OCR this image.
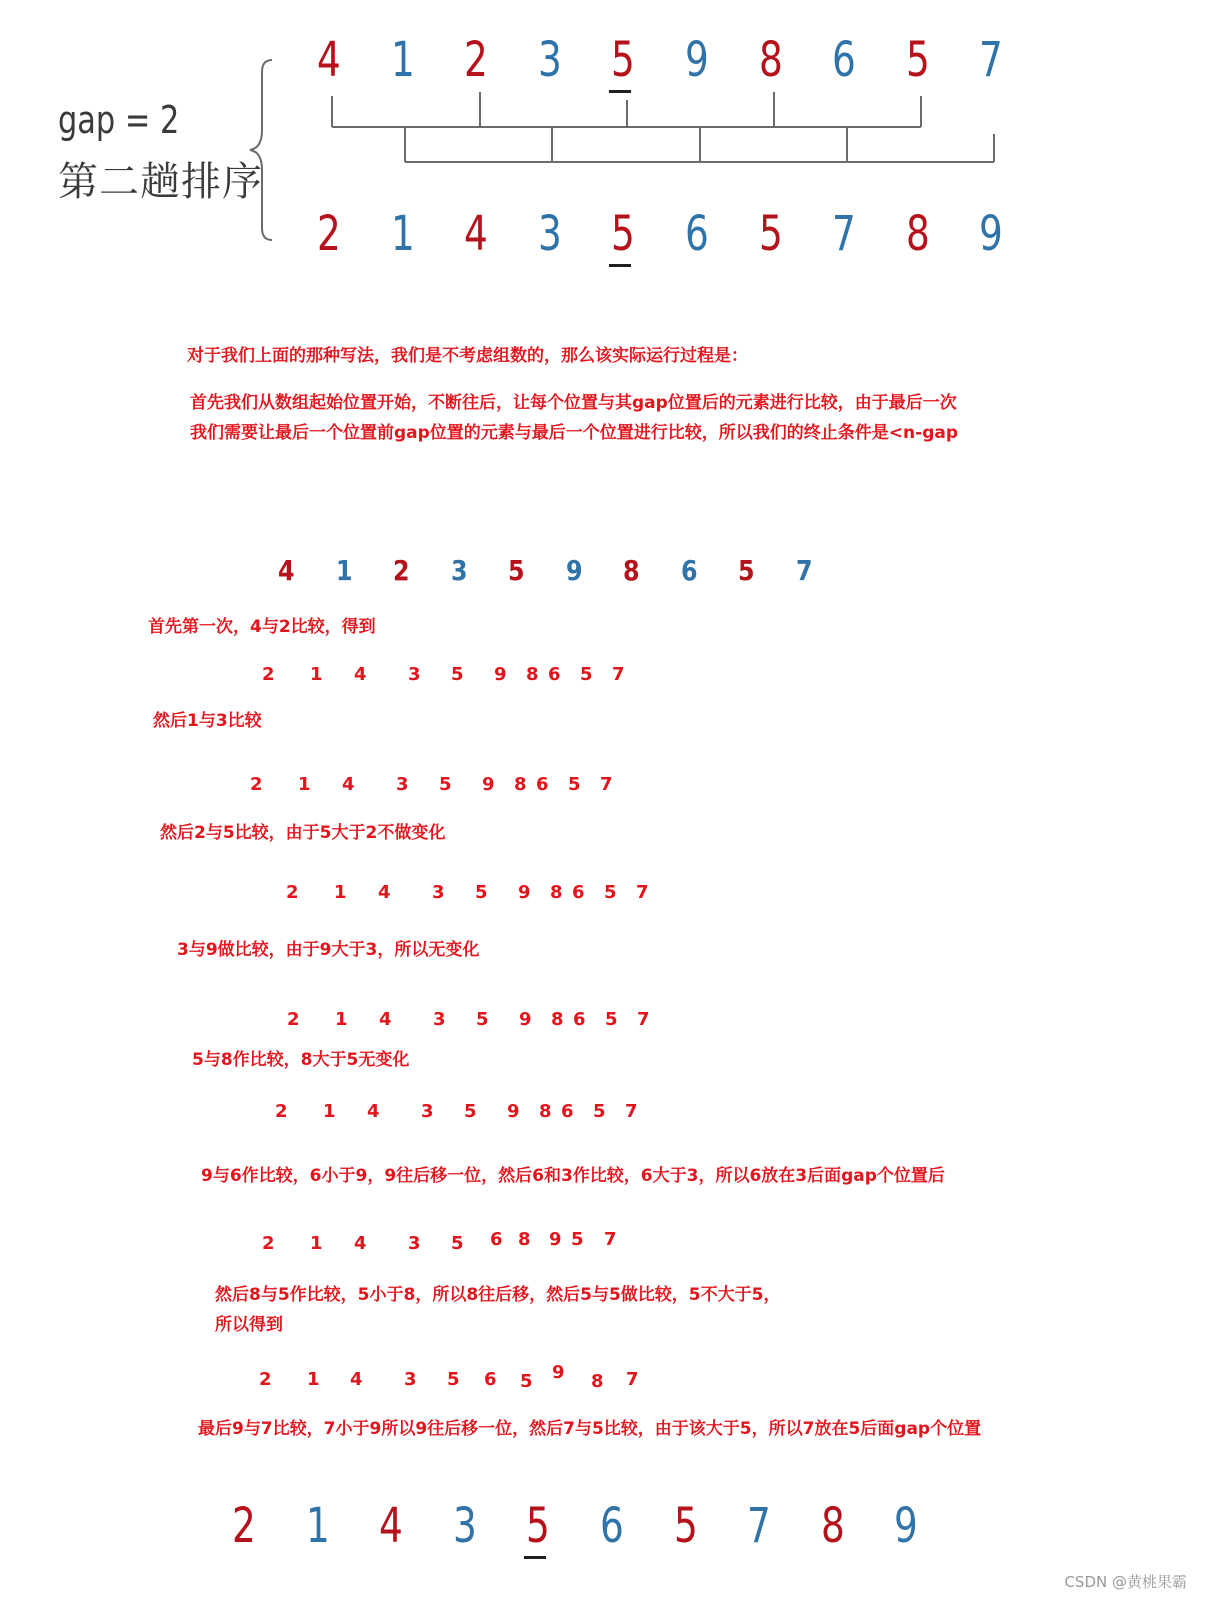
gap = 2
第二趟排序
4 1 2 3 5 9 8 6 5 7
2 1 4 3 5 6 5 7 8 9
对于我们上面的那种写法，我们是不考虑组数的，那么该实际运行过程是：
首先我们从数组起始位置开始，不断往后，让每个位置与其gap位置后的元素进行比较，由于最后一次
我们需要让最后一个位置前gap位置的元素与最后一个位置进行比较，所以我们的终止条件是<n-gap
4 1 2 3 5 9 8 6 5 7
首先第一次，4与2比较，得到
2 1 4 3 5 9 8 6 5 7
然后1与3比较
2 1 4 3 5 9 8 6 5 7
然后2与5比较，由于5大于2不做变化
2 1 4 3 5 9 8 6 5 7
3与9做比较，由于9大于3，所以无变化
2 1 4 3 5 9 8 6 5 7
5与8作比较，8大于5无变化
2 1 4 3 5 9 8 6 5 7
9与6作比较，6小于9，9往后移一位，然后6和3作比较，6大于3，所以6放在3后面gap个位置后
2 1 4 3 5 6 8 9 5 7
然后8与5作比较，5小于8，所以8往后移，然后5与5做比较，5不大于5，
所以得到
2 1 4 3 5 6 5 9 8 7
最后9与7比较，7小于9所以9往后移一位，然后7与5比较，由于该大于5，所以7放在5后面gap个位置
2 1 4 3 5 6 5 7 8 9
CSDN @黄桃果霸
